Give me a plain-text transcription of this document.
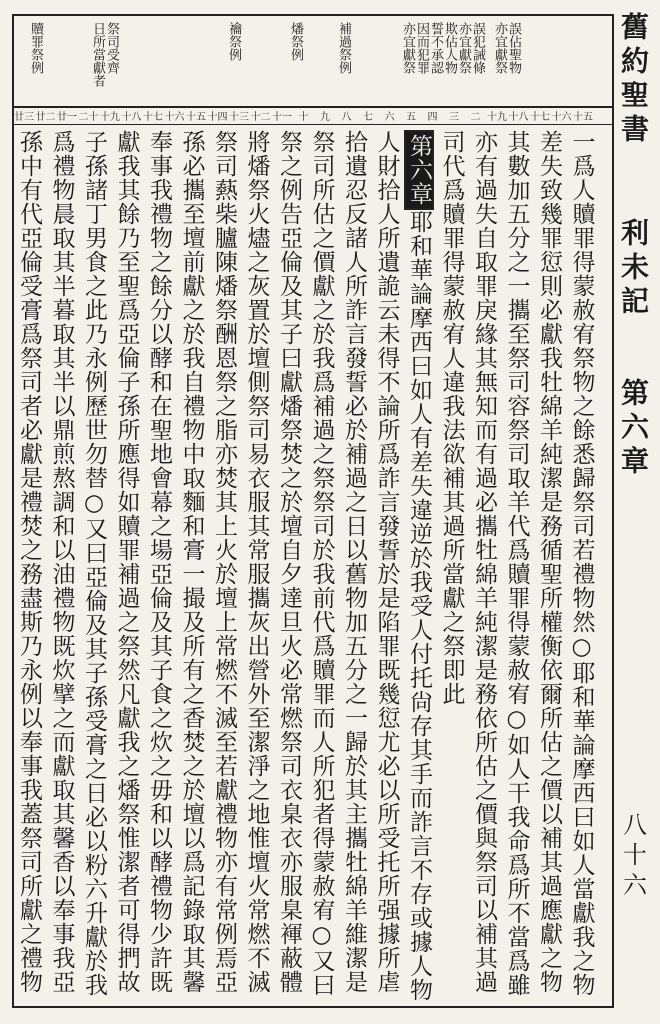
舊約聖書
利未記
第六章
八十六
誤佔聖物
亦宜獻祭
誤犯誡條
亦宜獻祭
欺佔人物
誓不承認
因而犯罪
亦宜獻祭
補過祭例
燔祭例
禴祭例
祭司受齊
日所當獻者
贖罪祭例
十五
十六
十七
十八
十九
二
三
四
五
六
七
八
九
十
十一
十二
十三
十四
十五
十六
十七
十八
十九
二十
廿一
廿二
廿三
一爲人贖罪得蒙赦宥祭物之餘悉歸祭司若禮物然○耶和華論摩西曰如人當獻我之物
差失致幾罪愆則必獻我牡綿羊純潔是務循聖所權衡依爾所估之價以補其過應獻之物
其數加五分之一攜至祭司容祭司取羊代爲贖罪得蒙赦宥○如人干我命爲所不當爲雖
亦有過失自取罪戾緣其無知而有過必攜牡綿羊純潔是務依所估之價與祭司以補其過
司代爲贖罪得蒙赦宥人違我法欲補其過所當獻之祭即此
第六章耶和華論摩西曰如人有差失違逆於我受人付托尙存其手而詐言不存或據人物
人財拾人所遺詭云未得不論所爲詐言發誓於是陷罪既幾愆尤必以所受托所强據所虐
拾遺忍反諸人所詐言發誓必於補過之日以舊物加五分之一歸於其主攜牡綿羊維潔是
祭司所估之價獻之於我爲補過之祭祭司於我前代爲贖罪而人所犯者得蒙赦宥○又曰
祭之例告亞倫及其子曰獻燔祭焚之於壇自夕達旦火必常燃祭司衣臬衣亦服臬褌蔽體
將燔祭火燼之灰置於壇側祭司易衣服其常服攜灰出營外至潔淨之地惟壇火常燃不滅
祭司爇柴臚陳燔祭酬恩祭之脂亦焚其上火於壇上常燃不滅至若獻禮物亦有常例焉亞
孫必攜至壇前獻之於我自禮物中取麵和膏一撮及所有之香焚之於壇以爲記錄取其馨
奉事我禮物之餘分以酵和在聖地會幕之場亞倫及其子食之炊之毋和以酵禮物少許既
獻我其餘乃至聖爲亞倫子孫所應得如贖罪補過之祭然凡獻我之燔祭惟潔者可得捫故
子孫諸丁男食之此乃永例歷世勿替○又曰亞倫及其子孫受膏之日必以粉六升獻於我
爲禮物晨取其半暮取其半以鼎煎熬調和以油禮物既炊擘之而獻取其馨香以奉事我亞
孫中有代亞倫受膏爲祭司者必獻是禮焚之務盡斯乃永例以奉事我蓋祭司所獻之禮物
